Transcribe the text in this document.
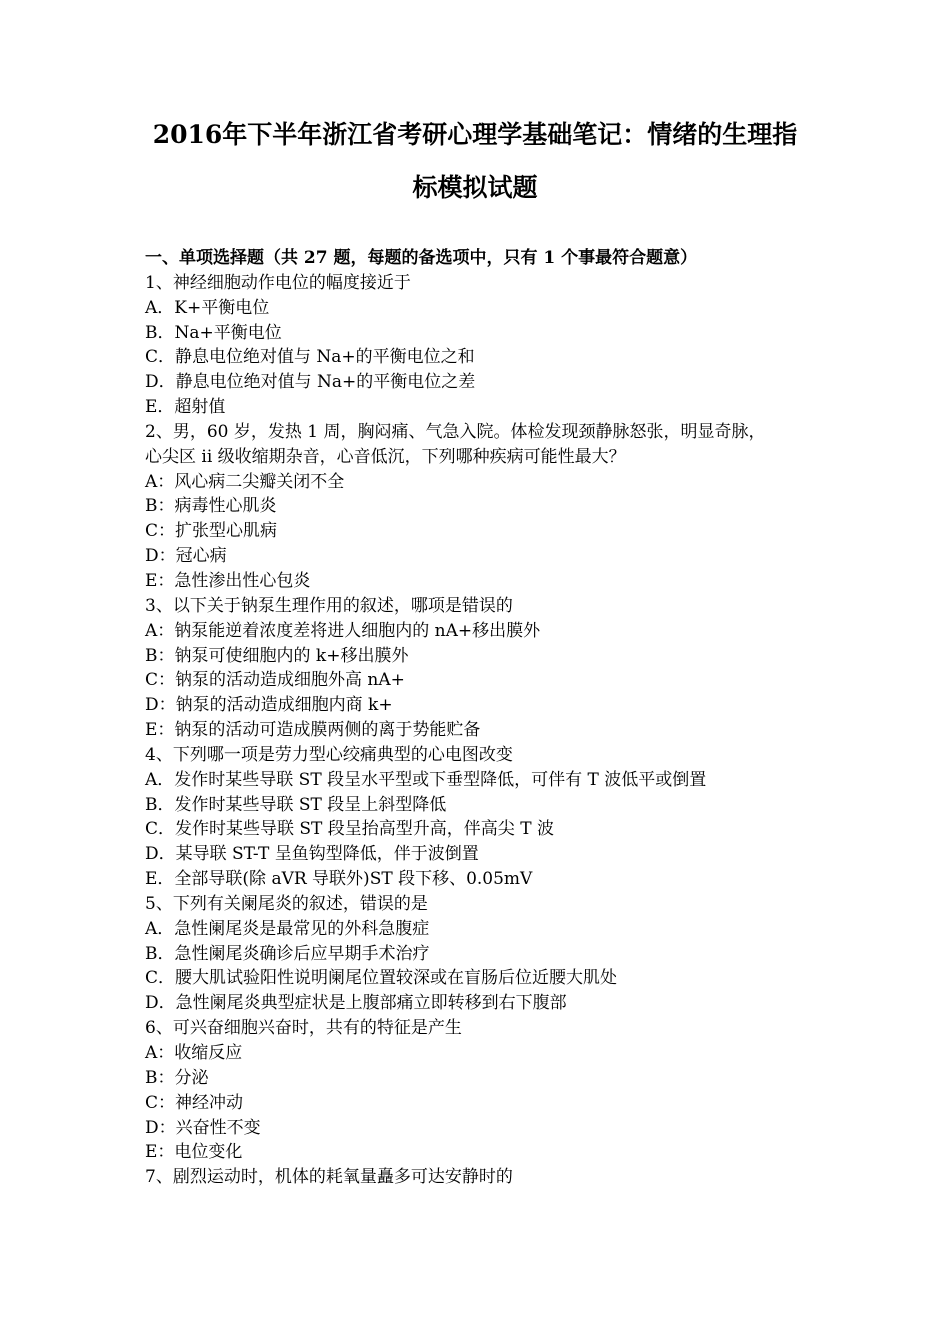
2016年下半年浙江省考研心理学基础笔记：情绪的生理指
标模拟试题
一、单项选择题（共 27 题，每题的备选项中，只有 1 个事最符合题意）
1、神经细胞动作电位的幅度接近于
A．K+平衡电位
B．Na+平衡电位
C．静息电位绝对值与 Na+的平衡电位之和
D．静息电位绝对值与 Na+的平衡电位之差
E．超射值
2、男，60 岁，发热 1 周，胸闷痛、气急入院。体检发现颈静脉怒张，明显奇脉，
心尖区 ii 级收缩期杂音，心音低沉，下列哪种疾病可能性最大？
A：风心病二尖瓣关闭不全
B：病毒性心肌炎
C：扩张型心肌病
D：冠心病
E：急性渗出性心包炎
3、以下关于钠泵生理作用的叙述，哪项是错误的
A：钠泵能逆着浓度差将进人细胞内的 nA+移出膜外
B：钠泵可使细胞内的 k+移出膜外
C：钠泵的活动造成细胞外高 nA+
D：钠泵的活动造成细胞内商 k+
E：钠泵的活动可造成膜两侧的离于势能贮备
4、下列哪一项是劳力型心绞痛典型的心电图改变
A．发作时某些导联 ST 段呈水平型或下垂型降低，可伴有 T 波低平或倒置
B．发作时某些导联 ST 段呈上斜型降低
C．发作时某些导联 ST 段呈抬高型升高，伴高尖 T 波
D．某导联 ST-T 呈鱼钩型降低，伴于波倒置
E．全部导联(除 aVR 导联外)ST 段下移、0.05mV
5、下列有关阑尾炎的叙述，错误的是
A．急性阑尾炎是最常见的外科急腹症
B．急性阑尾炎确诊后应早期手术治疗
C．腰大肌试验阳性说明阑尾位置较深或在盲肠后位近腰大肌处
D．急性阑尾炎典型症状是上腹部痛立即转移到右下腹部
6、可兴奋细胞兴奋时，共有的特征是产生
A：收缩反应
B：分泌
C：神经冲动
D：兴奋性不变
E：电位变化
7、剧烈运动时，机体的耗氧量矗多可达安静时的
